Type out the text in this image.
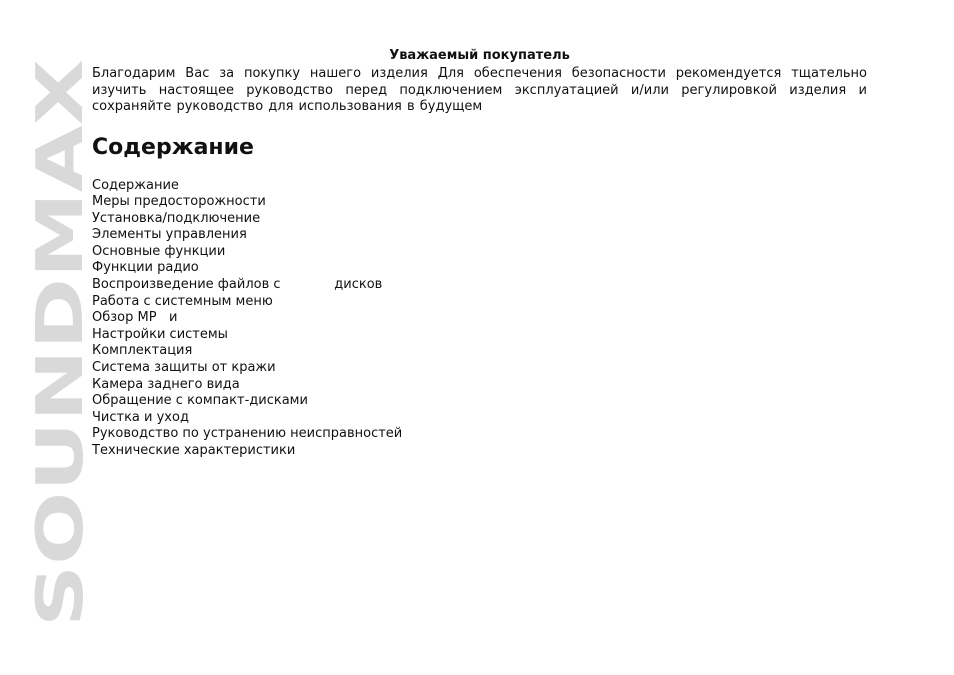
SOUNDMAX

Уважаемый покупатель

Благодарим Вас за покупку нашего изделия Для обеспечения безопасности рекомендуется тщательно
изучить настоящее руководство перед подключением эксплуатацией и/или регулировкой изделия и
сохраняйте руководство для использования в будущем

Содержание
Содержание
Меры предосторожности
Установка/подключение
Элементы управления
Основные функции
Функции радио
Воспроизведение файлов с             дисков
Работа с системным меню
Обзор MP   и
Настройки системы
Комплектация
Система защиты от кражи
Камера заднего вида
Обращение с компакт-дисками
Чистка и уход
Руководство по устранению неисправностей
Технические характеристики
